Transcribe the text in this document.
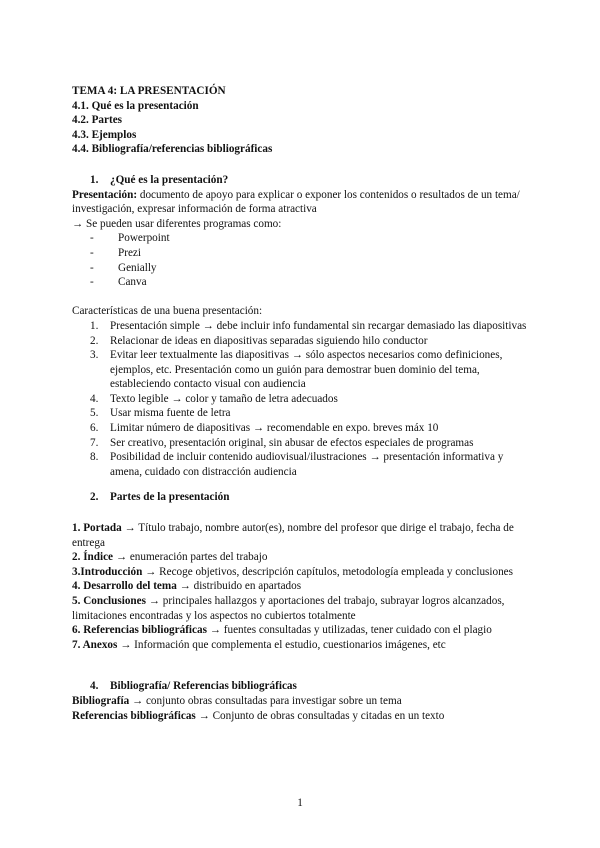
TEMA 4: LA PRESENTACIÓN
4.1. Qué es la presentación
4.2. Partes
4.3. Ejemplos
4.4. Bibliografía/referencias bibliográficas
1. ¿Qué es la presentación?
Presentación: documento de apoyo para explicar o exponer los contenidos o resultados de un tema/ investigación, expresar información de forma atractiva
→ Se pueden usar diferentes programas como:
- Powerpoint
- Prezi
- Genially
- Canva
Características de una buena presentación:
1. Presentación simple → debe incluir info fundamental sin recargar demasiado las diapositivas
2. Relacionar de ideas en diapositivas separadas siguiendo hilo conductor
3. Evitar leer textualmente las diapositivas → sólo aspectos necesarios como definiciones, ejemplos, etc. Presentación como un guión para demostrar buen dominio del tema, estableciendo contacto visual con audiencia
4. Texto legible → color y tamaño de letra adecuados
5. Usar misma fuente de letra
6. Limitar número de diapositivas → recomendable en expo. breves máx 10
7. Ser creativo, presentación original, sin abusar de efectos especiales de programas
8. Posibilidad de incluir contenido audiovisual/ilustraciones → presentación informativa y amena, cuidado con distracción audiencia
2. Partes de la presentación
1. Portada → Título trabajo, nombre autor(es), nombre del profesor que dirige el trabajo, fecha de entrega
2. Índice → enumeración partes del trabajo
3.Introducción → Recoge objetivos, descripción capítulos, metodología empleada y conclusiones
4. Desarrollo del tema → distribuido en apartados
5. Conclusiones → principales hallazgos y aportaciones del trabajo, subrayar logros alcanzados, limitaciones encontradas y los aspectos no cubiertos totalmente
6. Referencias bibliográficas → fuentes consultadas y utilizadas, tener cuidado con el plagio
7. Anexos → Información que complementa el estudio, cuestionarios imágenes, etc
4. Bibliografía/ Referencias bibliográficas
Bibliografía → conjunto obras consultadas para investigar sobre un tema
Referencias bibliográficas → Conjunto de obras consultadas y citadas en un texto
1
